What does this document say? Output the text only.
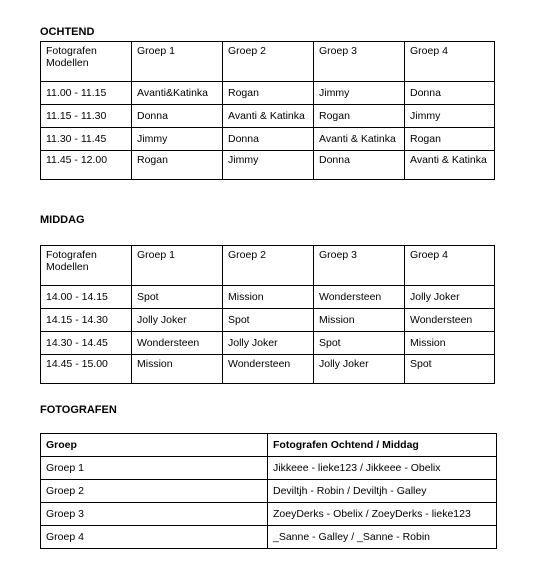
OCHTEND
Fotografen
Modellen	Groep 1	Groep 2	Groep 3	Groep 4
11.00 - 11.15	Avanti&Katinka	Rogan	Jimmy	Donna
11.15 - 11.30	Donna	Avanti & Katinka	Rogan	Jimmy
11.30 - 11.45	Jimmy	Donna	Avanti & Katinka	Rogan
11.45 - 12.00	Rogan	Jimmy	Donna	Avanti & Katinka
MIDDAG
Fotografen
Modellen	Groep 1	Groep 2	Groep 3	Groep 4
14.00 - 14.15	Spot	Mission	Wondersteen	Jolly Joker
14.15 - 14.30	Jolly Joker	Spot	Mission	Wondersteen
14.30 - 14.45	Wondersteen	Jolly Joker	Spot	Mission
14.45 - 15.00	Mission	Wondersteen	Jolly Joker	Spot
FOTOGRAFEN
Groep	Fotografen Ochtend / Middag
Groep 1	Jikkeee - lieke123 / Jikkeee - Obelix
Groep 2	Deviltjh - Robin / Deviltjh - Galley
Groep 3	ZoeyDerks - Obelix / ZoeyDerks - lieke123
Groep 4	_Sanne - Galley / _Sanne - Robin
